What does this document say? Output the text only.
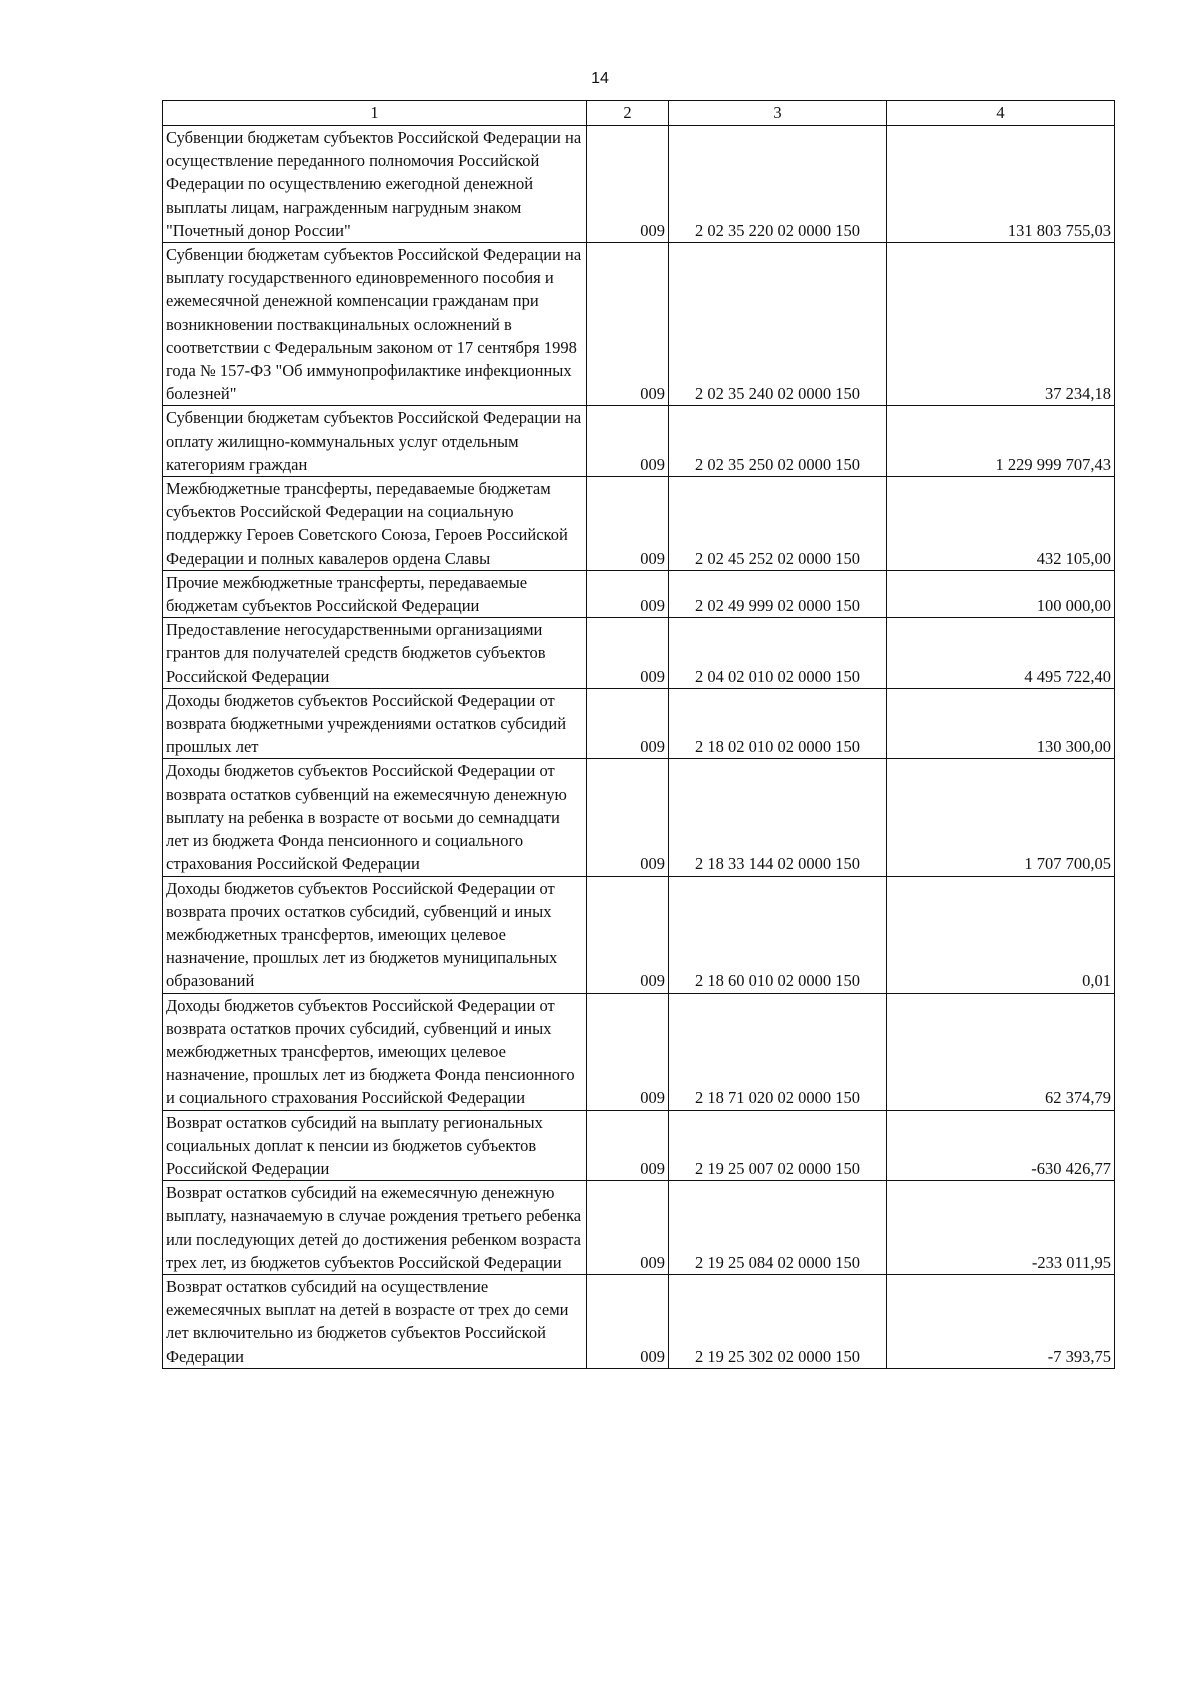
14
1	2	3	4
Субвенции бюджетам субъектов Российской Федерации на осуществление переданного полномочия Российской Федерации по осуществлению ежегодной денежной выплаты лицам, награжденным нагрудным знаком "Почетный донор России"	009	2 02 35 220 02 0000 150	131 803 755,03
Субвенции бюджетам субъектов Российской Федерации на выплату государственного единовременного пособия и ежемесячной денежной компенсации гражданам при возникновении поствакцинальных осложнений в соответствии с Федеральным законом от 17 сентября 1998 года № 157-ФЗ "Об иммунопрофилактике инфекционных болезней"	009	2 02 35 240 02 0000 150	37 234,18
Субвенции бюджетам субъектов Российской Федерации на оплату жилищно-коммунальных услуг отдельным категориям граждан	009	2 02 35 250 02 0000 150	1 229 999 707,43
Межбюджетные трансферты, передаваемые бюджетам субъектов Российской Федерации на социальную поддержку Героев Советского Союза, Героев Российской Федерации и полных кавалеров ордена Славы	009	2 02 45 252 02 0000 150	432 105,00
Прочие межбюджетные трансферты, передаваемые бюджетам субъектов Российской Федерации	009	2 02 49 999 02 0000 150	100 000,00
Предоставление негосударственными организациями грантов для получателей средств бюджетов субъектов Российской Федерации	009	2 04 02 010 02 0000 150	4 495 722,40
Доходы бюджетов субъектов Российской Федерации от возврата бюджетными учреждениями остатков субсидий прошлых лет	009	2 18 02 010 02 0000 150	130 300,00
Доходы бюджетов субъектов Российской Федерации от возврата остатков субвенций на ежемесячную денежную выплату на ребенка в возрасте от восьми до семнадцати лет из бюджета Фонда пенсионного и социального страхования Российской Федерации	009	2 18 33 144 02 0000 150	1 707 700,05
Доходы бюджетов субъектов Российской Федерации от возврата прочих остатков субсидий, субвенций и иных межбюджетных трансфертов, имеющих целевое назначение, прошлых лет из бюджетов муниципальных образований	009	2 18 60 010 02 0000 150	0,01
Доходы бюджетов субъектов Российской Федерации от возврата остатков прочих субсидий, субвенций и иных межбюджетных трансфертов, имеющих целевое назначение, прошлых лет из бюджета Фонда пенсионного и социального страхования Российской Федерации	009	2 18 71 020 02 0000 150	62 374,79
Возврат остатков субсидий на выплату региональных социальных доплат к пенсии из бюджетов субъектов Российской Федерации	009	2 19 25 007 02 0000 150	-630 426,77
Возврат остатков субсидий на ежемесячную денежную выплату, назначаемую в случае рождения третьего ребенка или последующих детей до достижения ребенком возраста трех лет, из бюджетов субъектов Российской Федерации	009	2 19 25 084 02 0000 150	-233 011,95
Возврат остатков субсидий на осуществление ежемесячных выплат на детей в возрасте от трех до семи лет включительно из бюджетов субъектов Российской Федерации	009	2 19 25 302 02 0000 150	-7 393,75
